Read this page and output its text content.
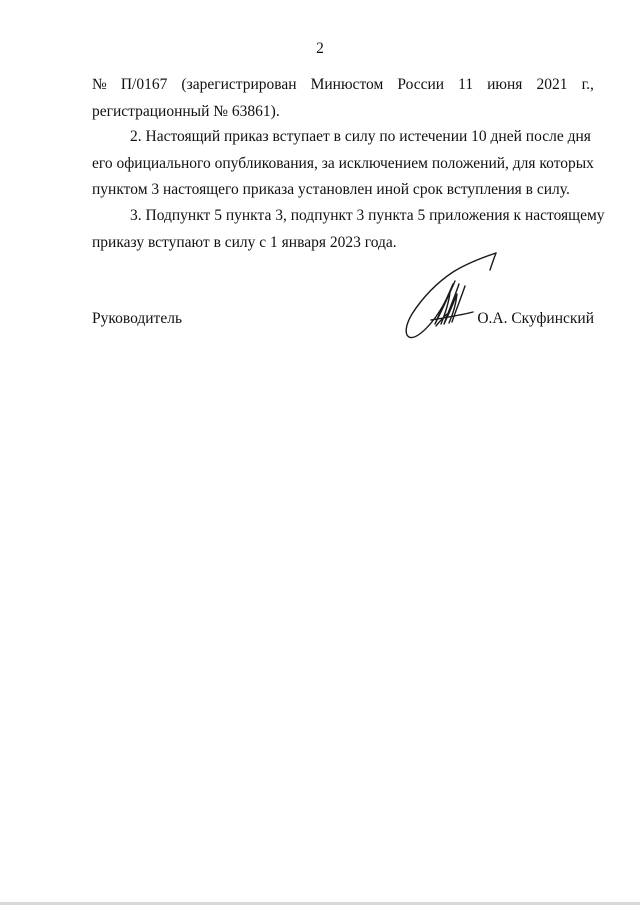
2
№ П/0167 (зарегистрирован Минюстом России 11 июня 2021 г.,
регистрационный № 63861).
2. Настоящий приказ вступает в силу по истечении 10 дней после дня
его официального опубликования, за исключением положений, для которых
пунктом 3 настоящего приказа установлен иной срок вступления в силу.
3. Подпункт 5 пункта 3, подпункт 3 пункта 5 приложения к настоящему
приказу вступают в силу с 1 января 2023 года.
Руководитель	О.А. Скуфинский
